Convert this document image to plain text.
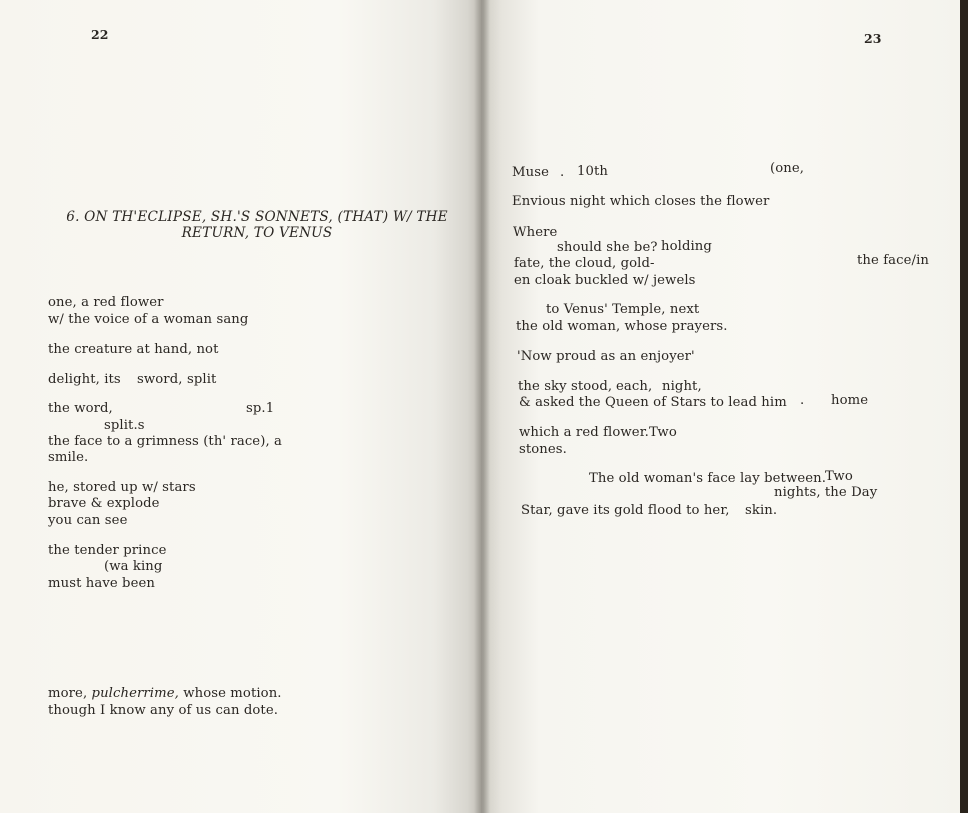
22
6. ON TH'ECLIPSE, SH.'S SONNETS, (THAT) W/ THE
RETURN, TO VENUS
one, a red flower
w/ the voice of a woman sang
the creature at hand, not
delight, its sword, split
the word,	sp.1
split.s
the face to a grimness (th' race), a
smile.
he, stored up w/ stars
brave & explode
you can see
the tender prince
(wa king
must have been
more, pulcherrime, whose motion.
though I know any of us can dote.
23
Muse . 10th	(one,
Envious night which closes the flower
Where
should she be? holding
fate, the cloud, gold-	the face/in
en cloak buckled w/ jewels
to Venus' Temple, next
the old woman, whose prayers.
'Now proud as an enjoyer'
the sky stood, each, night,
& asked the Queen of Stars to lead him . home
which a red flower. Two
stones.
The old woman's face lay between.
Two
nights, the Day
Star, gave its gold flood to her, skin.
